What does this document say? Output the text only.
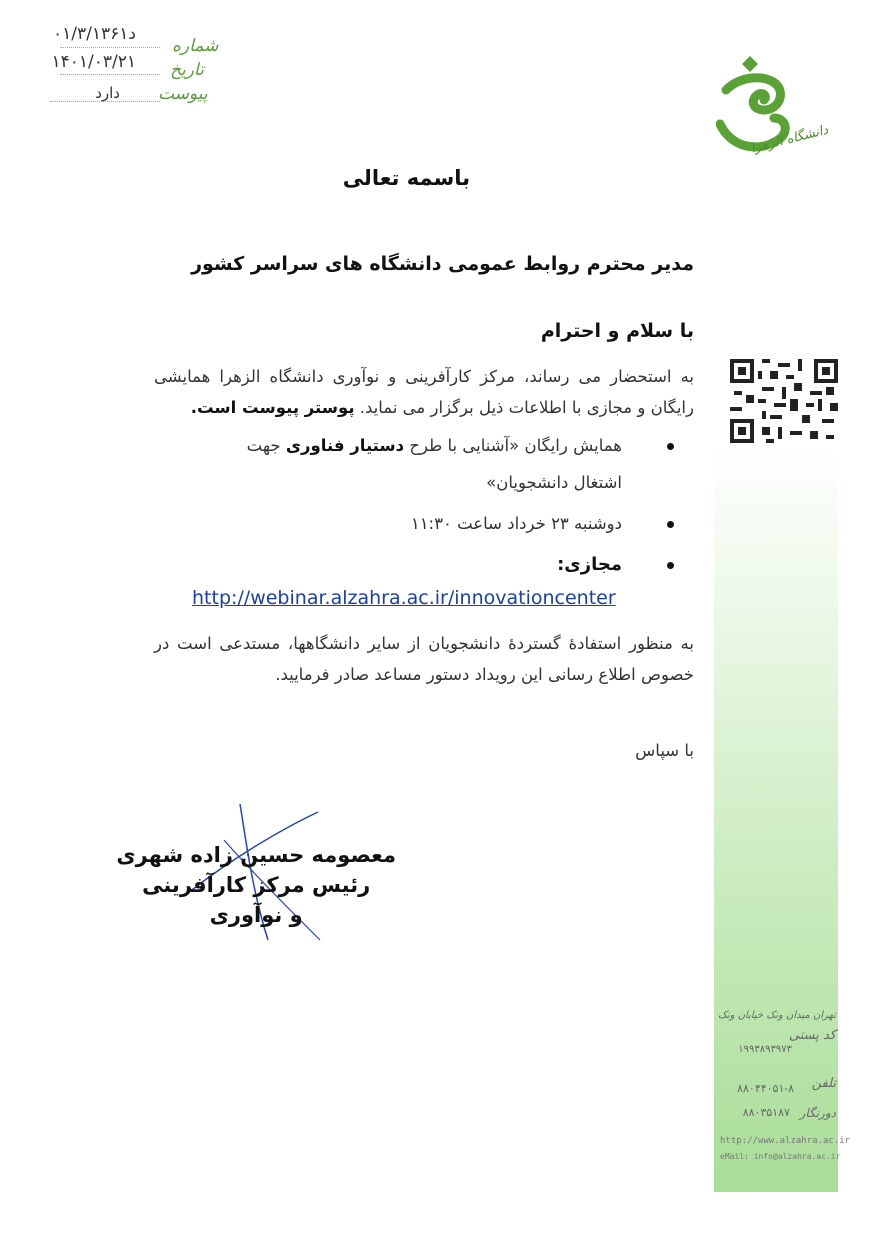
د۰۱/۳/۱۳۶۱
۱۴۰۱/۰۳/۲۱
دارد
شماره
تاریخ
پیوست
دانشگاه الزهرا
باسمه تعالی
مدیر محترم روابط عمومی دانشگاه های سراسر کشور
با سلام و احترام
به استحضار می رساند، مرکز کارآفرینی و نوآوری دانشگاه الزهرا همایشی رایگان و مجازی با اطلاعات ذیل برگزار می نماید. پوستر پیوست است.
همایش رایگان «آشنایی با طرح دستیار فناوری جهت اشتغال دانشجویان»
دوشنبه ۲۳ خرداد ساعت ۱۱:۳۰
مجازی:
http://webinar.alzahra.ac.ir/innovationcenter
به منظور استفادهٔ گستردهٔ دانشجویان از سایر دانشگاهها، مستدعی است در خصوص اطلاع رسانی این رویداد دستور مساعد صادر فرمایید.
با سپاس
معصومه حسین زاده شهری
رئیس مرکز کارآفرینی
و نوآوری
تهران میدان ونک خیابان ونک
کد پستی
۱۹۹۳۸۹۳۹۷۳
تلفن
۸۸۰۴۴۰۵۱-۸
دورنگار
۸۸۰۳۵۱۸۷
http://www.alzahra.ac.ir
eMail: info@alzahra.ac.ir
